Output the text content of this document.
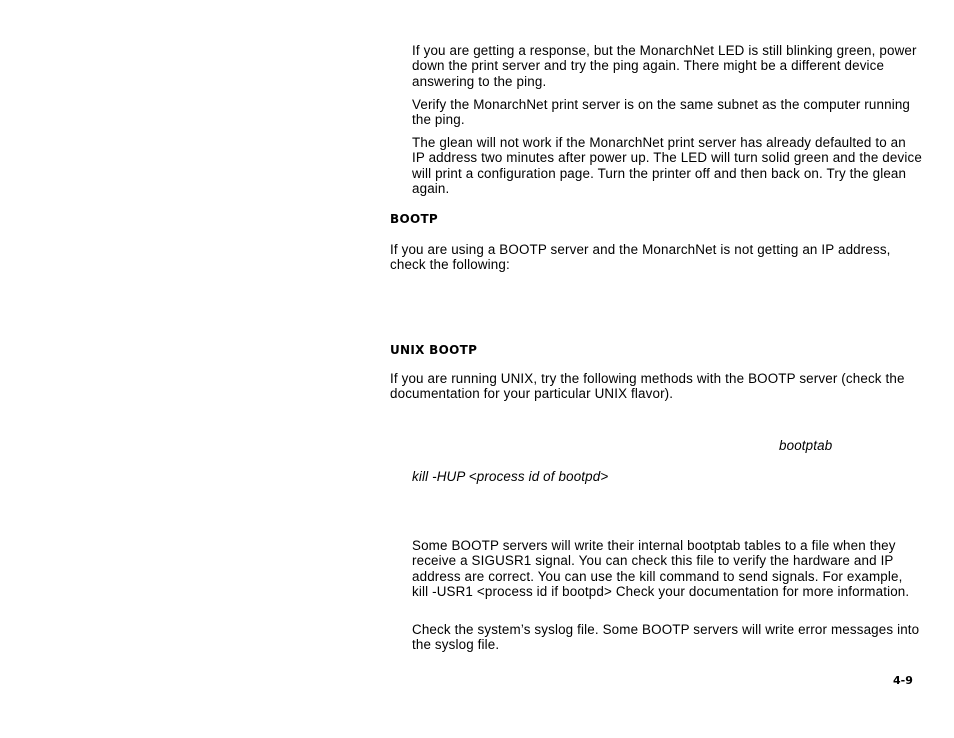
If you are getting a response, but the MonarchNet LED is still blinking green, power down the print server and try the ping again. There might be a different device answering to the ping.

Verify the MonarchNet print server is on the same subnet as the computer running the ping.

The glean will not work if the MonarchNet print server has already defaulted to an IP address two minutes after power up. The LED will turn solid green and the device will print a configuration page. Turn the printer off and then back on. Try the glean again.

BOOTP

If you are using a BOOTP server and the MonarchNet is not getting an IP address, check the following:

UNIX BOOTP

If you are running UNIX, try the following methods with the BOOTP server (check the documentation for your particular UNIX flavor).

bootptab

kill -HUP <process id of bootpd>

Some BOOTP servers will write their internal bootptab tables to a file when they receive a SIGUSR1 signal. You can check this file to verify the hardware and IP address are correct. You can use the kill command to send signals. For example, kill -USR1 <process id if bootpd> Check your documentation for more information.

Check the system’s syslog file. Some BOOTP servers will write error messages into the syslog file.

4-9
